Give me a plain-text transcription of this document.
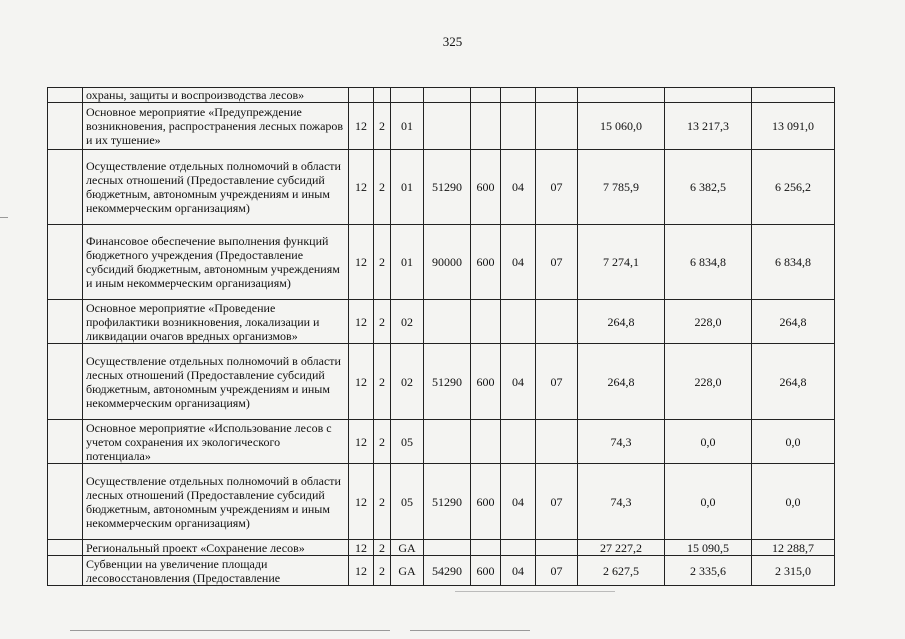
325
	охраны, защиты и воспроизводства лесов»										
	Основное мероприятие «Предупреждение возникновения, распространения лесных пожаров и их тушение»	12	2	01					15 060,0	13 217,3	13 091,0
	Осуществление отдельных полномочий в области лесных отношений (Предоставление субсидий бюджетным, автономным учреждениям и иным некоммерческим организациям)	12	2	01	51290	600	04	07	7 785,9	6 382,5	6 256,2
	Финансовое обеспечение выполнения функций бюджетного учреждения (Предоставление субсидий бюджетным, автономным учреждениям и иным некоммерческим организациям)	12	2	01	90000	600	04	07	7 274,1	6 834,8	6 834,8
	Основное мероприятие «Проведение профилактики возникновения, локализации и ликвидации очагов вредных организмов»	12	2	02					264,8	228,0	264,8
	Осуществление отдельных полномочий в области лесных отношений (Предоставление субсидий бюджетным, автономным учреждениям и иным некоммерческим организациям)	12	2	02	51290	600	04	07	264,8	228,0	264,8
	Основное мероприятие «Использование лесов с учетом сохранения их экологического потенциала»	12	2	05					74,3	0,0	0,0
	Осуществление отдельных полномочий в области лесных отношений (Предоставление субсидий бюджетным, автономным учреждениям и иным некоммерческим организациям)	12	2	05	51290	600	04	07	74,3	0,0	0,0
	Региональный проект «Сохранение лесов»	12	2	GA					27 227,2	15 090,5	12 288,7
	Субвенции на увеличение площади лесовосстановления (Предоставление	12	2	GA	54290	600	04	07	2 627,5	2 335,6	2 315,0
